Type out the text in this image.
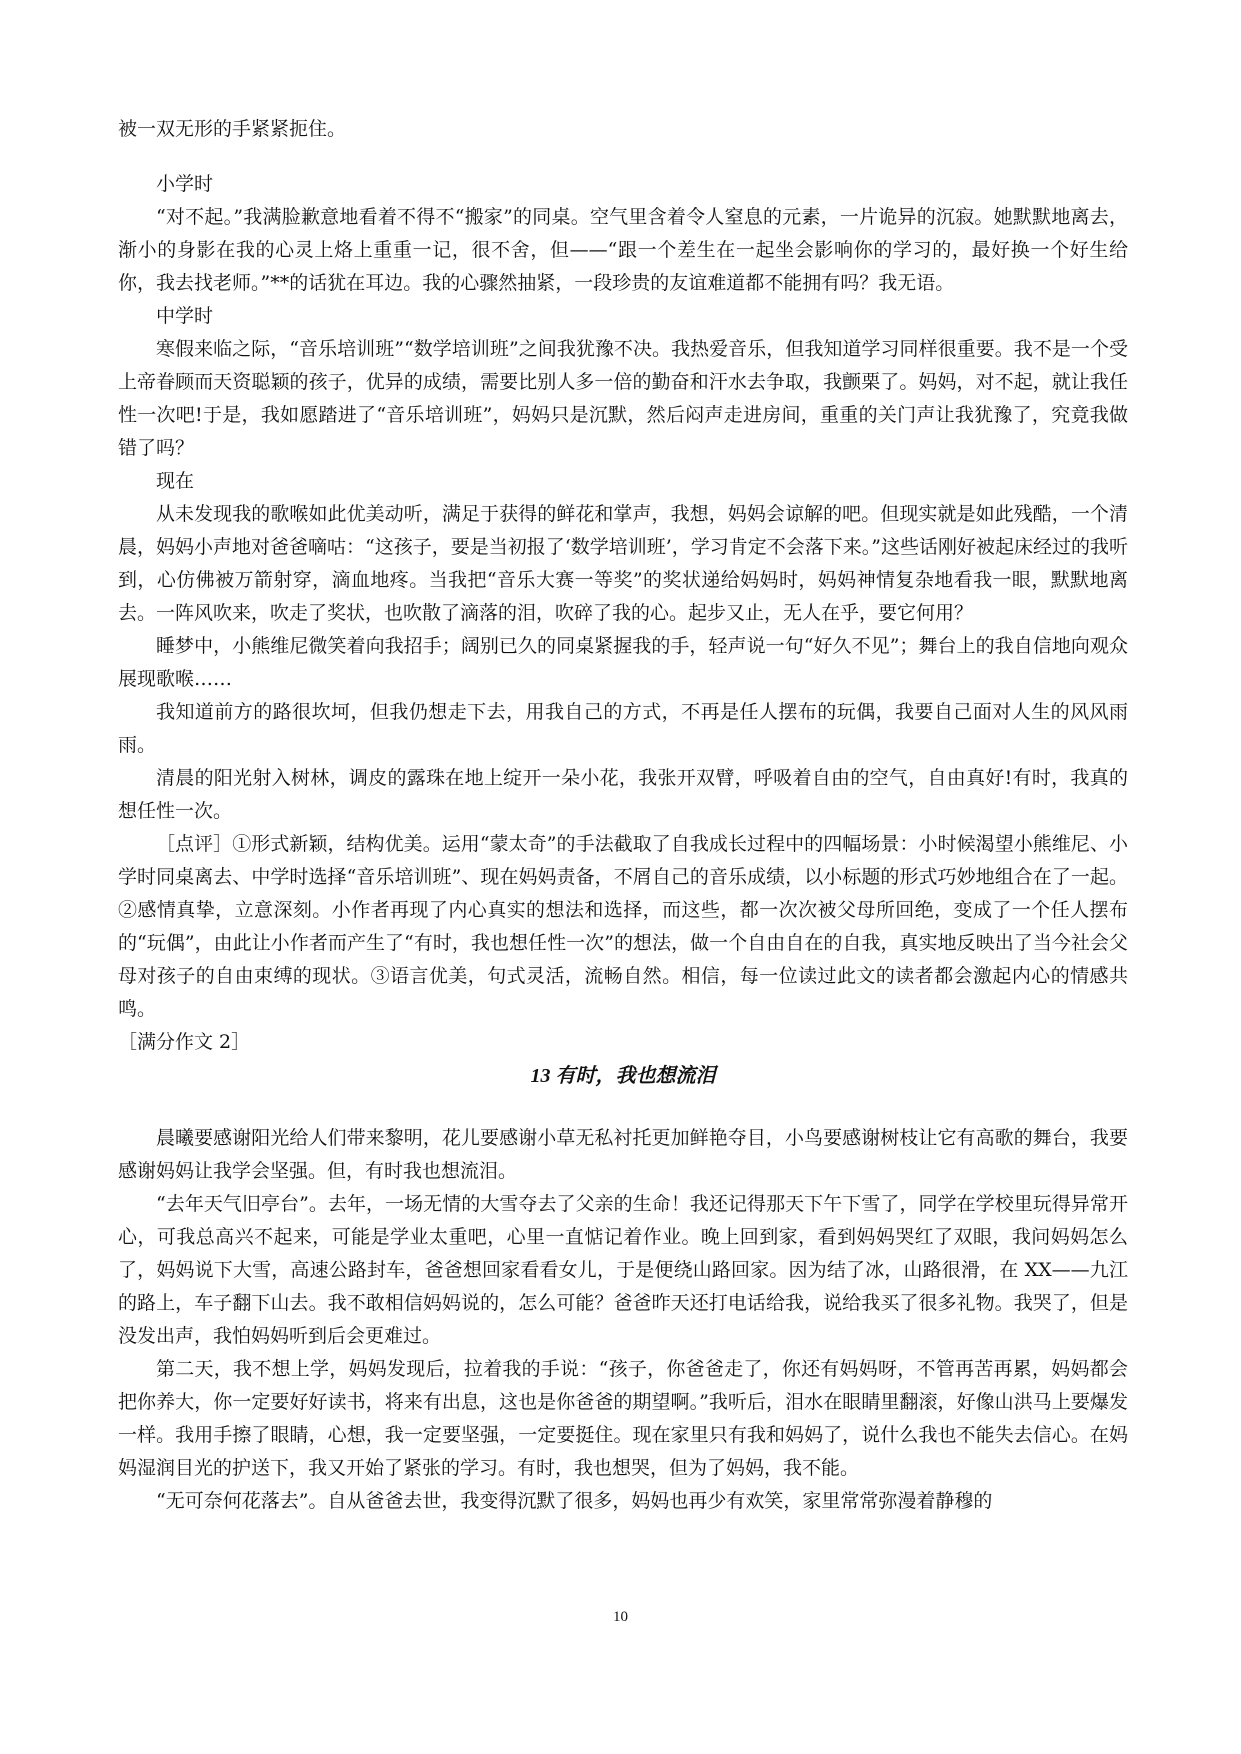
被一双无形的手紧紧扼住。

小学时

“对不起。”我满脸歉意地看着不得不“搬家”的同桌。空气里含着令人窒息的元素，一片诡异的沉寂。她默默地离去，渐小的身影在我的心灵上烙上重重一记，很不舍，但——“跟一个差生在一起坐会影响你的学习的，最好换一个好生给你，我去找老师。”**的话犹在耳边。我的心骤然抽紧，一段珍贵的友谊难道都不能拥有吗？我无语。

中学时

寒假来临之际，“音乐培训班”“数学培训班”之间我犹豫不决。我热爱音乐，但我知道学习同样很重要。我不是一个受上帝眷顾而天资聪颖的孩子，优异的成绩，需要比别人多一倍的勤奋和汗水去争取，我颤栗了。妈妈，对不起，就让我任性一次吧!于是，我如愿踏进了“音乐培训班”，妈妈只是沉默，然后闷声走进房间，重重的关门声让我犹豫了，究竟我做错了吗？

现在

从未发现我的歌喉如此优美动听，满足于获得的鲜花和掌声，我想，妈妈会谅解的吧。但现实就是如此残酷，一个清晨，妈妈小声地对爸爸嘀咕：“这孩子，要是当初报了‘数学培训班’，学习肯定不会落下来。”这些话刚好被起床经过的我听到，心仿佛被万箭射穿，滴血地疼。当我把“音乐大赛一等奖”的奖状递给妈妈时，妈妈神情复杂地看我一眼，默默地离去。一阵风吹来，吹走了奖状，也吹散了滴落的泪，吹碎了我的心。起步又止，无人在乎，要它何用？

睡梦中，小熊维尼微笑着向我招手；阔别已久的同桌紧握我的手，轻声说一句“好久不见”；舞台上的我自信地向观众展现歌喉……

我知道前方的路很坎坷，但我仍想走下去，用我自己的方式，不再是任人摆布的玩偶，我要自己面对人生的风风雨雨。

清晨的阳光射入树林，调皮的露珠在地上绽开一朵小花，我张开双臂，呼吸着自由的空气，自由真好!有时，我真的想任性一次。

［点评］①形式新颖，结构优美。运用“蒙太奇”的手法截取了自我成长过程中的四幅场景：小时候渴望小熊维尼、小学时同桌离去、中学时选择“音乐培训班”、现在妈妈责备，不屑自己的音乐成绩，以小标题的形式巧妙地组合在了一起。②感情真挚，立意深刻。小作者再现了内心真实的想法和选择，而这些，都一次次被父母所回绝，变成了一个任人摆布的“玩偶”，由此让小作者而产生了“有时，我也想任性一次”的想法，做一个自由自在的自我，真实地反映出了当今社会父母对孩子的自由束缚的现状。③语言优美，句式灵活，流畅自然。相信，每一位读过此文的读者都会激起内心的情感共鸣。

［满分作文 2］

13 有时，我也想流泪

晨曦要感谢阳光给人们带来黎明，花儿要感谢小草无私衬托更加鲜艳夺目，小鸟要感谢树枝让它有高歌的舞台，我要感谢妈妈让我学会坚强。但，有时我也想流泪。

“去年天气旧亭台”。去年，一场无情的大雪夺去了父亲的生命！我还记得那天下午下雪了，同学在学校里玩得异常开心，可我总高兴不起来，可能是学业太重吧，心里一直惦记着作业。晚上回到家，看到妈妈哭红了双眼，我问妈妈怎么了，妈妈说下大雪，高速公路封车，爸爸想回家看看女儿，于是便绕山路回家。因为结了冰，山路很滑，在 XX——九江的路上，车子翻下山去。我不敢相信妈妈说的，怎么可能？爸爸昨天还打电话给我，说给我买了很多礼物。我哭了，但是没发出声，我怕妈妈听到后会更难过。

第二天，我不想上学，妈妈发现后，拉着我的手说：“孩子，你爸爸走了，你还有妈妈呀，不管再苦再累，妈妈都会把你养大，你一定要好好读书，将来有出息，这也是你爸爸的期望啊。”我听后，泪水在眼睛里翻滚，好像山洪马上要爆发一样。我用手擦了眼睛，心想，我一定要坚强，一定要挺住。现在家里只有我和妈妈了，说什么我也不能失去信心。在妈妈湿润目光的护送下，我又开始了紧张的学习。有时，我也想哭，但为了妈妈，我不能。

“无可奈何花落去”。自从爸爸去世，我变得沉默了很多，妈妈也再少有欢笑，家里常常弥漫着静穆的

10
